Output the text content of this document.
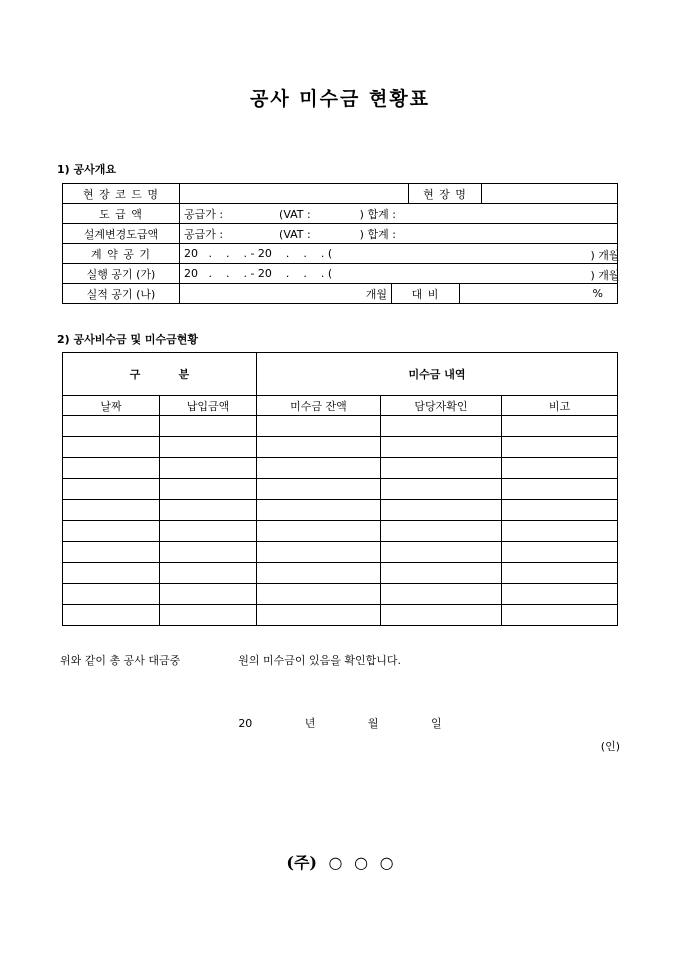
공사 미수금 현황표
1) 공사개요
현 장 코 드 명			현 장 명		
도 급 액	공급가 :                (VAT :              ) 합계 :				
설계변경도급액	공급가 :                (VAT :              ) 합계 :				
계 약 공 기	20   .    .    . - 20    .    .    . ( ) 개월				

실행 공기 (가)	20   .    .    . - 20    .    .    . ( ) 개월				

실적 공기 (나)	개월	대 비		%	
2) 공사비수금 및 미수금현황
구          분		미수금 내역		
날짜	납입금액	미수금 잔액	담당자확인	비고

위와 같이 총 공사 대금중	원의 미수금이 있음을 확인합니다.
20   년   월   일
(인)
(주) ○ ○ ○
